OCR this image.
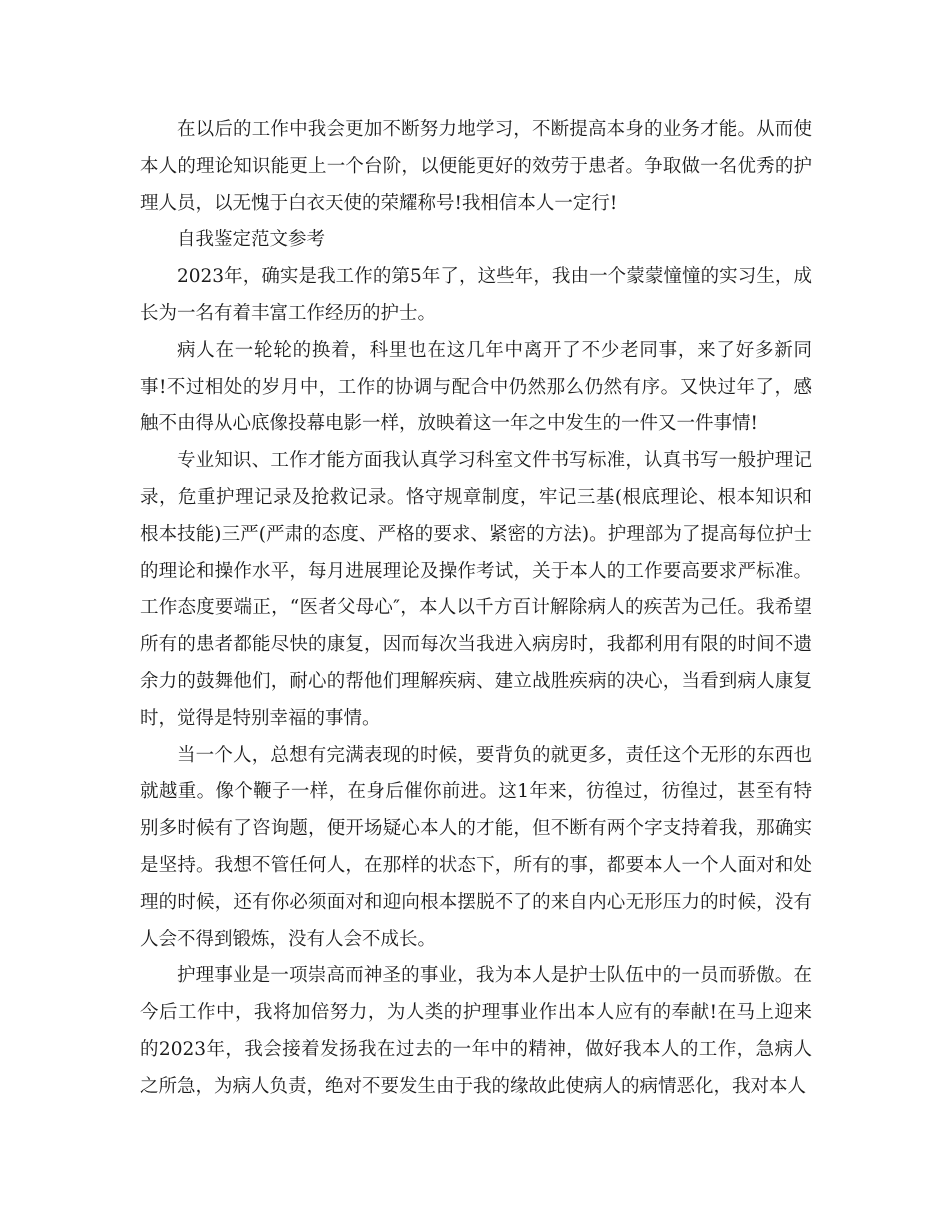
在以后的工作中我会更加不断努力地学习，不断提高本身的业务才能。从而使本人的理论知识能更上一个台阶，以便能更好的效劳于患者。争取做一名优秀的护理人员，以无愧于白衣天使的荣耀称号!我相信本人一定行!

自我鉴定范文参考

2023年，确实是我工作的第5年了，这些年，我由一个蒙蒙憧憧的实习生，成长为一名有着丰富工作经历的护士。

病人在一轮轮的换着，科里也在这几年中离开了不少老同事，来了好多新同事!不过相处的岁月中，工作的协调与配合中仍然那么仍然有序。又快过年了，感触不由得从心底像投幕电影一样，放映着这一年之中发生的一件又一件事情!

专业知识、工作才能方面我认真学习科室文件书写标准，认真书写一般护理记录，危重护理记录及抢救记录。恪守规章制度，牢记三基(根底理论、根本知识和根本技能)三严(严肃的态度、严格的要求、紧密的方法)。护理部为了提高每位护士的理论和操作水平，每月进展理论及操作考试，关于本人的工作要高要求严标准。工作态度要端正，“医者父母心″，本人以千方百计解除病人的疾苦为己任。我希望所有的患者都能尽快的康复，因而每次当我进入病房时，我都利用有限的时间不遗余力的鼓舞他们，耐心的帮他们理解疾病、建立战胜疾病的决心，当看到病人康复时，觉得是特别幸福的事情。

当一个人，总想有完满表现的时候，要背负的就更多，责任这个无形的东西也就越重。像个鞭子一样，在身后催你前进。这1年来，彷徨过，彷徨过，甚至有特别多时候有了咨询题，便开场疑心本人的才能，但不断有两个字支持着我，那确实是坚持。我想不管任何人，在那样的状态下，所有的事，都要本人一个人面对和处理的时候，还有你必须面对和迎向根本摆脱不了的来自内心无形压力的时候，没有人会不得到锻炼，没有人会不成长。

护理事业是一项崇高而神圣的事业，我为本人是护士队伍中的一员而骄傲。在今后工作中，我将加倍努力，为人类的护理事业作出本人应有的奉献!在马上迎来的2023年，我会接着发扬我在过去的一年中的精神，做好我本人的工作，急病人之所急，为病人负责，绝对不要发生由于我的缘故此使病人的病情恶化，我对本人
